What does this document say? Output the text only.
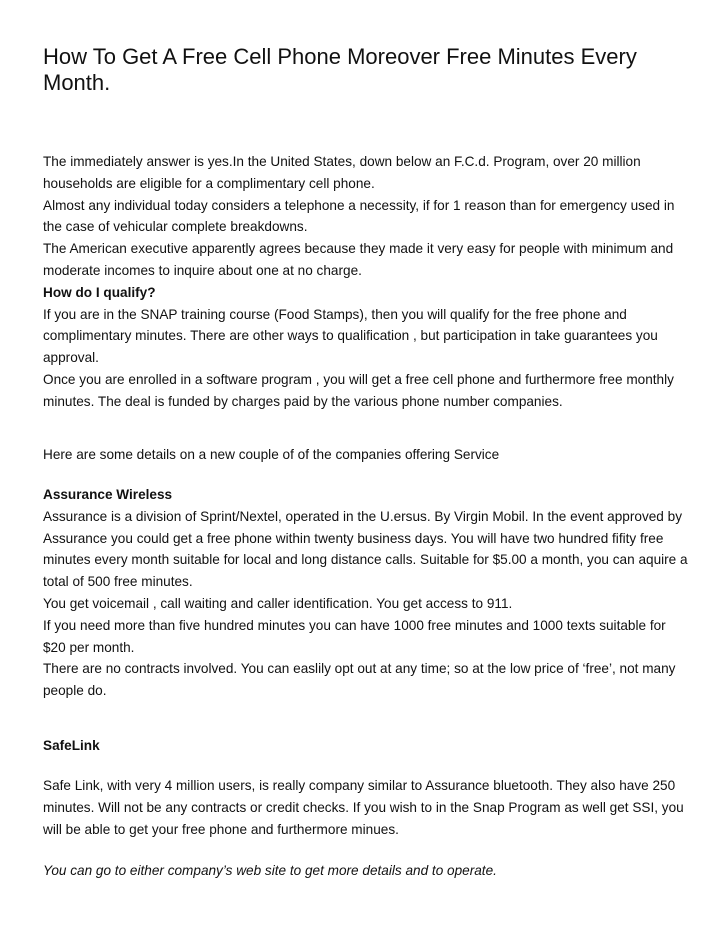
How To Get A Free Cell Phone Moreover Free Minutes Every Month.

The immediately answer is yes.In the United States, down below an F.C.d. Program, over 20 million households are eligible for a complimentary cell phone.

Almost any individual today considers a telephone a necessity, if for 1 reason than for emergency used in the case of vehicular complete breakdowns.

The American executive apparently agrees because they made it very easy for people with minimum and moderate incomes to inquire about one at no charge.

How do I qualify?

If you are in the SNAP training course (Food Stamps), then you will qualify for the free phone and complimentary minutes. There are other ways to qualification , but participation in take guarantees you approval.

Once you are enrolled in a software program , you will get a free cell phone and furthermore free monthly minutes. The deal is funded by charges paid by the various phone number companies.

Here are some details on a new couple of of the companies offering Service

Assurance Wireless

Assurance is a division of Sprint/Nextel, operated in the U.ersus. By Virgin Mobil. In the event approved by Assurance you could get a free phone within twenty business days. You will have two hundred fifity free minutes every month suitable for local and long distance calls. Suitable for $5.00 a month, you can aquire a total of 500 free minutes.

You get voicemail , call waiting and caller identification. You get access to 911.

If you need more than five hundred minutes you can have 1000 free minutes and 1000 texts suitable for $20 per month.

There are no contracts involved. You can easlily opt out at any time; so at the low price of ‘free’, not many people do.

SafeLink

Safe Link, with very 4 million users, is really company similar to Assurance bluetooth. They also have 250 minutes. Will not be any contracts or credit checks. If you wish to in the Snap Program as well get SSI, you will be able to get your free phone and furthermore minues.

You can go to either company’s web site to get more details and to operate.
